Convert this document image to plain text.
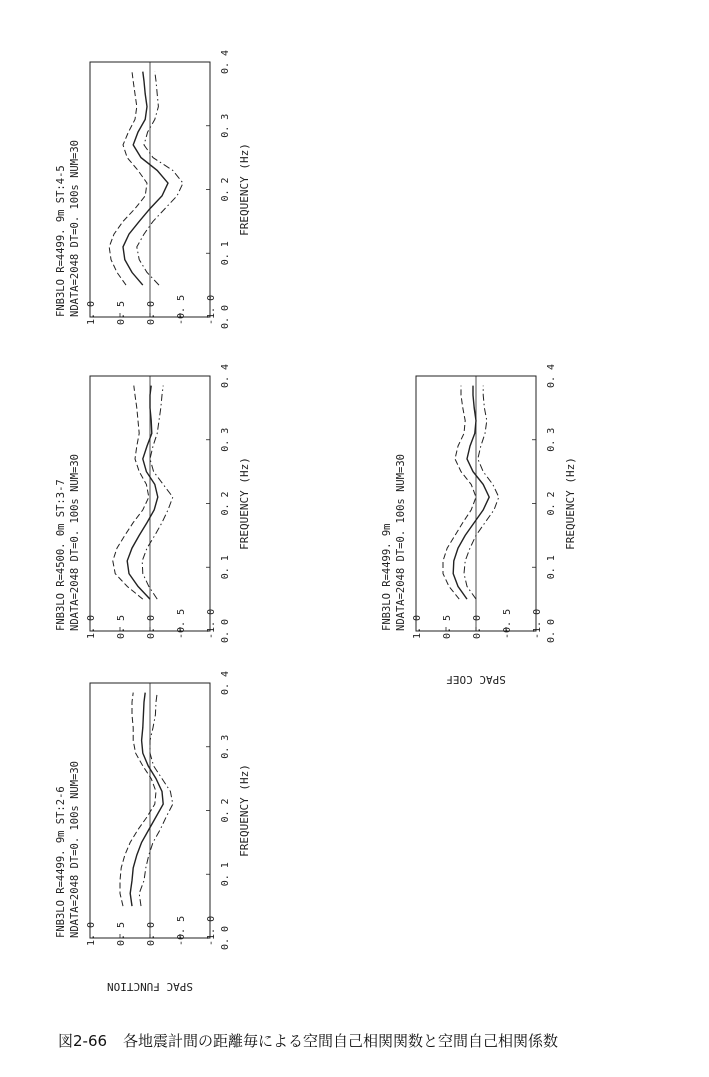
1. 0 0. 5 0. 0 -0. 5 -1. 0 0. 0
0. 1
0. 2
0. 3
0. 4
FREQUENCY (Hz)
FNB3LO R=4499. 9m ST:2-6 NDATA=2048 DT=0. 100s NUM=30
SPAC FUNCTION
1. 0 0. 5 0. 0 -0. 5 -1. 0 0. 0
0. 1
0. 2
0. 3
0. 4
FREQUENCY (Hz)
FNB3LO R=4500. 0m ST:3-7 NDATA=2048 DT=0. 100s NUM=30
1. 0 0. 5 0. 0 -0. 5 -1. 0 0. 0
0. 1
0. 2
0. 3
0. 4
FREQUENCY (Hz)
FNB3LO R=4499. 9m ST:4-5 NDATA=2048 DT=0. 100s NUM=30
1. 0 0. 5 0. 0 -0. 5 -1. 0 0. 0
0. 1
0. 2
0. 3
0. 4
FREQUENCY (Hz)
FNB3LO R=4499. 9m NDATA=2048 DT=0. 100s NUM=30
SPAC COEF
図2-66 各地震計間の距離毎による空間自己相関関数と空間自己相関係数
